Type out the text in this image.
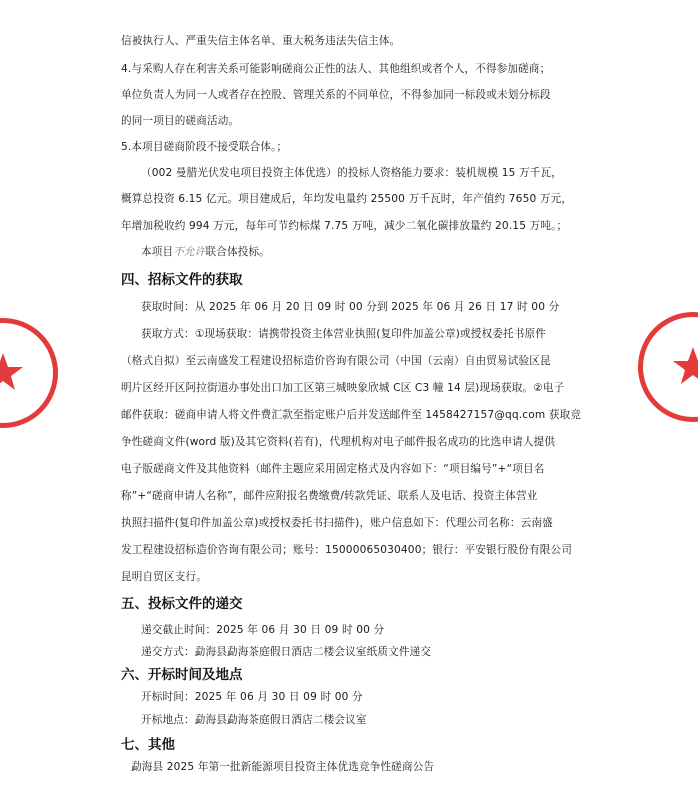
信被执行人、严重失信主体名单、重大税务违法失信主体。
4.与采购人存在利害关系可能影响磋商公正性的法人、其他组织或者个人，不得参加磋商；
单位负责人为同一人或者存在控股、管理关系的不同单位，不得参加同一标段或未划分标段
的同一项目的磋商活动。
5.本项目磋商阶段不接受联合体。；
（002 曼腊光伏发电项目投资主体优选）的投标人资格能力要求：装机规模 15 万千瓦，
概算总投资 6.15 亿元。项目建成后，年均发电量约 25500 万千瓦时，年产值约 7650 万元，
年增加税收约 994 万元，每年可节约标煤 7.75 万吨，减少二氧化碳排放量约 20.15 万吨。；
本项目不允许联合体投标。
四、招标文件的获取
获取时间：从 2025 年 06 月 20 日 09 时 00 分到 2025 年 06 月 26 日 17 时 00 分
获取方式：①现场获取：请携带投资主体营业执照(复印件加盖公章)或授权委托书原件
（格式自拟）至云南盛发工程建设招标造价咨询有限公司（中国（云南）自由贸易试验区昆
明片区经开区阿拉街道办事处出口加工区第三城映象欣城 C区 C3 幢 14 层)现场获取。②电子
邮件获取：磋商申请人将文件费汇款至指定账户后并发送邮件至 1458427157@qq.com 获取竞
争性磋商文件(word 版)及其它资料(若有)，代理机构对电子邮件报名成功的比选申请人提供
电子版磋商文件及其他资料（邮件主题应采用固定格式及内容如下：“项目编号”+“项目名
称”+“磋商申请人名称”，邮件应附报名费缴费/转款凭证、联系人及电话、投资主体营业
执照扫描件(复印件加盖公章)或授权委托书扫描件)，账户信息如下：代理公司名称：云南盛
发工程建设招标造价咨询有限公司；账号：15000065030400；银行：平安银行股份有限公司
昆明自贸区支行。
五、投标文件的递交
递交截止时间：2025 年 06 月 30 日 09 时 00 分
递交方式：勐海县勐海茶庭假日酒店二楼会议室纸质文件递交
六、开标时间及地点
开标时间：2025 年 06 月 30 日 09 时 00 分
开标地点：勐海县勐海茶庭假日酒店二楼会议室
七、其他
勐海县 2025 年第一批新能源项目投资主体优选竞争性磋商公告
